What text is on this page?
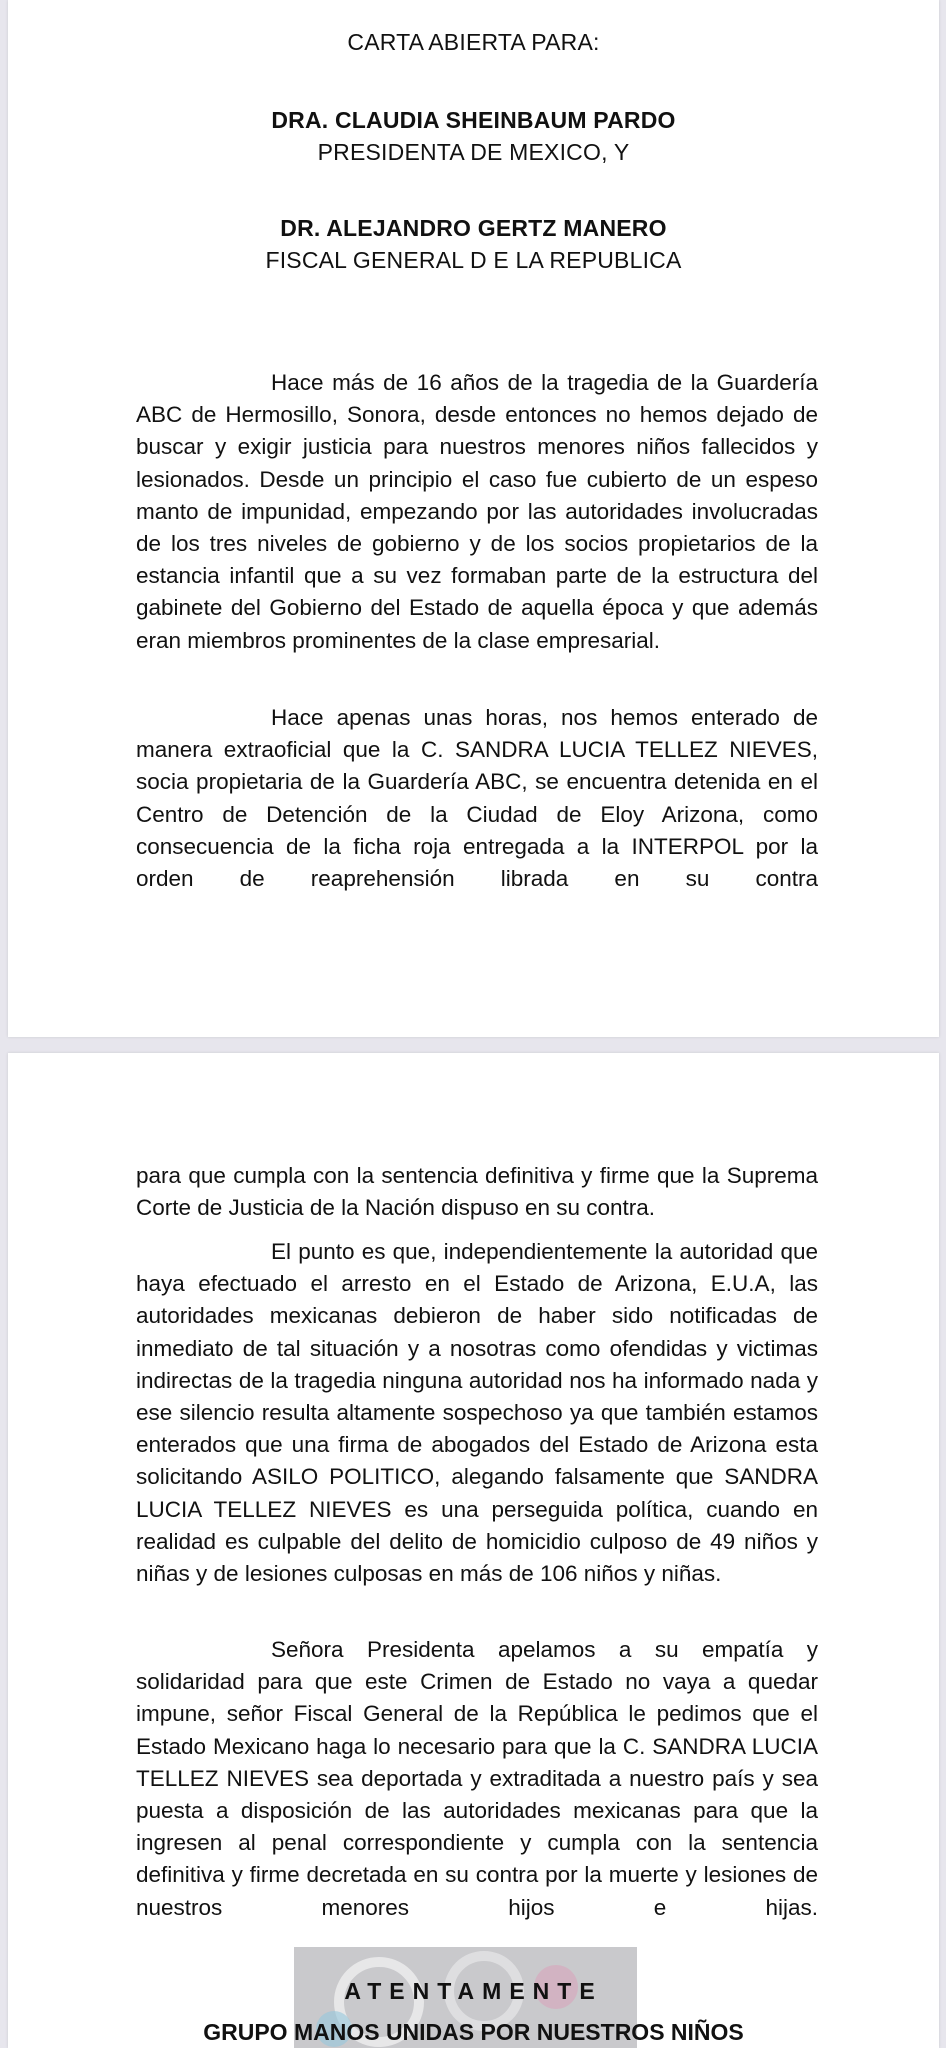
CARTA ABIERTA PARA:
DRA. CLAUDIA SHEINBAUM PARDO
PRESIDENTA DE MEXICO, Y
DR. ALEJANDRO GERTZ MANERO
FISCAL GENERAL D E LA REPUBLICA

Hace más de 16 años de la tragedia de la Guardería ABC de Hermosillo, Sonora, desde entonces no hemos dejado de buscar y exigir justicia para nuestros menores niños fallecidos y lesionados. Desde un principio el caso fue cubierto de un espeso manto de impunidad, empezando por las autoridades involucradas de los tres niveles de gobierno y de los socios propietarios de la estancia infantil que a su vez formaban parte de la estructura del gabinete del Gobierno del Estado de aquella época y que además eran miembros prominentes de la clase empresarial.

Hace apenas unas horas, nos hemos enterado de manera extraoficial que la C. SANDRA LUCIA TELLEZ NIEVES, socia propietaria de la Guardería ABC, se encuentra detenida en el Centro de Detención de la Ciudad de Eloy Arizona, como consecuencia de la ficha roja entregada a la INTERPOL por la orden de reaprehensión librada en su contra

para que cumpla con la sentencia definitiva y firme que la Suprema Corte de Justicia de la Nación dispuso en su contra.

El punto es que, independientemente la autoridad que haya efectuado el arresto en el Estado de Arizona, E.U.A, las autoridades mexicanas debieron de haber sido notificadas de inmediato de tal situación y a nosotras como ofendidas y victimas indirectas de la tragedia ninguna autoridad nos ha informado nada y ese silencio resulta altamente sospechoso ya que también estamos enterados que una firma de abogados del Estado de Arizona esta solicitando ASILO POLITICO, alegando falsamente que SANDRA LUCIA TELLEZ NIEVES es una perseguida política, cuando en realidad es culpable del delito de homicidio culposo de 49 niños y niñas y de lesiones culposas en más de 106 niños y niñas.

Señora Presidenta apelamos a su empatía y solidaridad para que este Crimen de Estado no vaya a quedar impune, señor Fiscal General de la República le pedimos que el Estado Mexicano haga lo necesario para que la C. SANDRA LUCIA TELLEZ NIEVES sea deportada y extraditada a nuestro país y sea puesta a disposición de las autoridades mexicanas para que la ingresen al penal correspondiente y cumpla con la sentencia definitiva y firme decretada en su contra por la muerte y lesiones de nuestros menores hijos e hijas.

ATENTAMENTE
GRUPO MANOS UNIDAS POR NUESTROS NIÑOS
